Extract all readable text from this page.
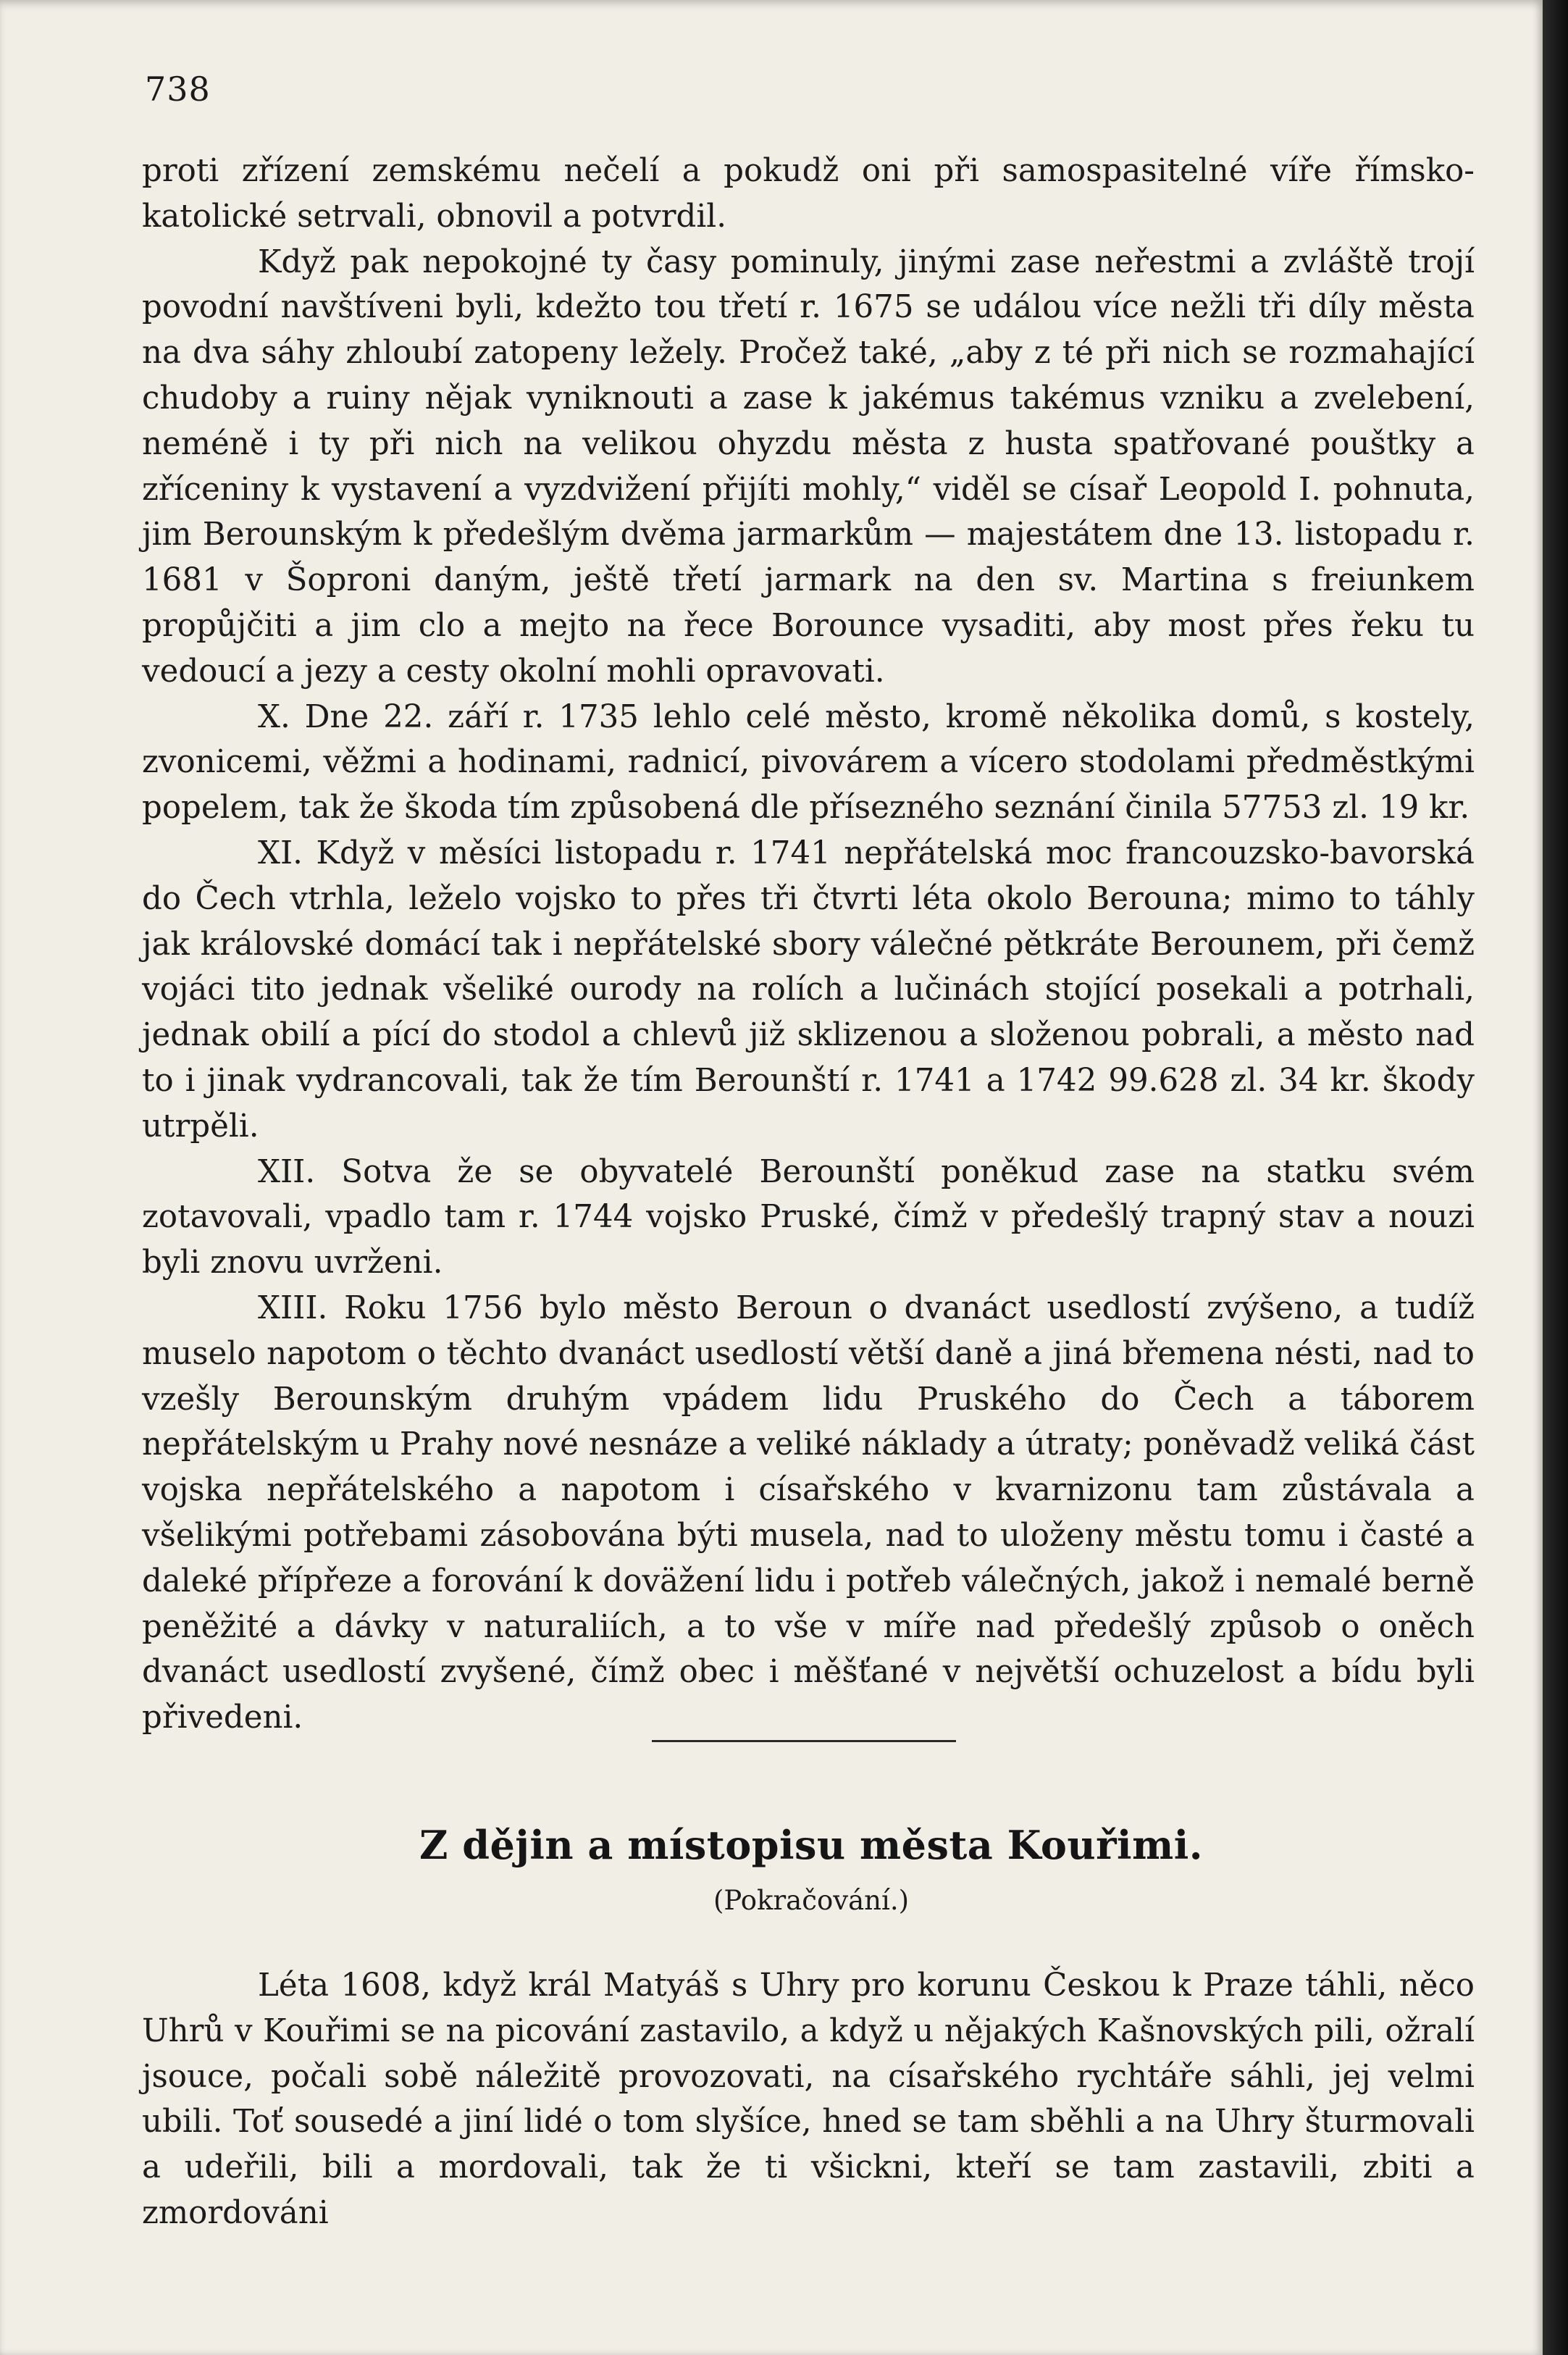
738

proti zřízení zemskému nečelí a pokudž oni při samospasitelné víře římsko-katolické setrvali, obnovil a potvrdil.

Když pak nepokojné ty časy pominuly, jinými zase neřestmi a zvláště trojí povodní navštíveni byli, kdežto tou třetí r. 1675 se událou více nežli tři díly města na dva sáhy zhloubí zatopeny ležely. Pročež také, „aby z té při nich se rozmahající chudoby a ruiny nějak vyniknouti a zase k jakémus takémus vzniku a zvelebení, neméně i ty při nich na velikou ohyzdu města z husta spatřované pouštky a zříceniny k vystavení a vyzdvižení přijíti mohly,“ viděl se císař Leopold I. pohnuta, jim Berounským k předešlým dvěma jarmarkům — majestátem dne 13. listopadu r. 1681 v Šoproni daným, ještě třetí jarmark na den sv. Martina s freiunkem propůjčiti a jim clo a mejto na řece Borounce vysaditi, aby most přes řeku tu vedoucí a jezy a cesty okolní mohli opravovati.

X. Dne 22. září r. 1735 lehlo celé město, kromě několika domů, s kostely, zvonicemi, věžmi a hodinami, radnicí, pivovárem a vícero stodolami předměstkými popelem, tak že škoda tím způsobená dle přísezného seznání činila 57753 zl. 19 kr.

XI. Když v měsíci listopadu r. 1741 nepřátelská moc francouzsko-bavorská do Čech vtrhla, leželo vojsko to přes tři čtvrti léta okolo Berouna; mimo to táhly jak královské domácí tak i nepřátelské sbory válečné pětkráte Berounem, při čemž vojáci tito jednak všeliké ourody na rolích a lučinách stojící posekali a potrhali, jednak obilí a pící do stodol a chlevů již sklizenou a složenou pobrali, a město nad to i jinak vydrancovali, tak že tím Berounští r. 1741 a 1742 99.628 zl. 34 kr. škody utrpěli.

XII. Sotva že se obyvatelé Berounští poněkud zase na statku svém zotavovali, vpadlo tam r. 1744 vojsko Pruské, čímž v předešlý trapný stav a nouzi byli znovu uvrženi.

XIII. Roku 1756 bylo město Beroun o dvanáct usedlostí zvýšeno, a tudíž muselo napotom o těchto dvanáct usedlostí větší daně a jiná břemena nésti, nad to vzešly Berounským druhým vpádem lidu Pruského do Čech a táborem nepřátelským u Prahy nové nesnáze a veliké náklady a útraty; poněvadž veliká část vojska nepřátelského a napotom i císařského v kvarnizonu tam zůstávala a všelikými potřebami zásobována býti musela, nad to uloženy městu tomu i časté a daleké přípřeze a forování k doväžení lidu i potřeb válečných, jakož i nemalé berně peněžité a dávky v naturaliích, a to vše v míře nad předešlý způsob o oněch dvanáct usedlostí zvyšené, čímž obec i měšťané v největší ochuzelost a bídu byli přivedeni.

Z dějin a místopisu města Kouřimi.
(Pokračování.)

Léta 1608, když král Matyáš s Uhry pro korunu Českou k Praze táhli, něco Uhrů v Kouřimi se na picování zastavilo, a když u nějakých Kašnovských pili, ožralí jsouce, počali sobě náležitě provozovati, na císařského rychtáře sáhli, jej velmi ubili. Toť sousedé a jiní lidé o tom slyšíce, hned se tam sběhli a na Uhry šturmovali a udeřili, bili a mordovali, tak že ti všickni, kteří se tam zastavili, zbiti a zmordováni
